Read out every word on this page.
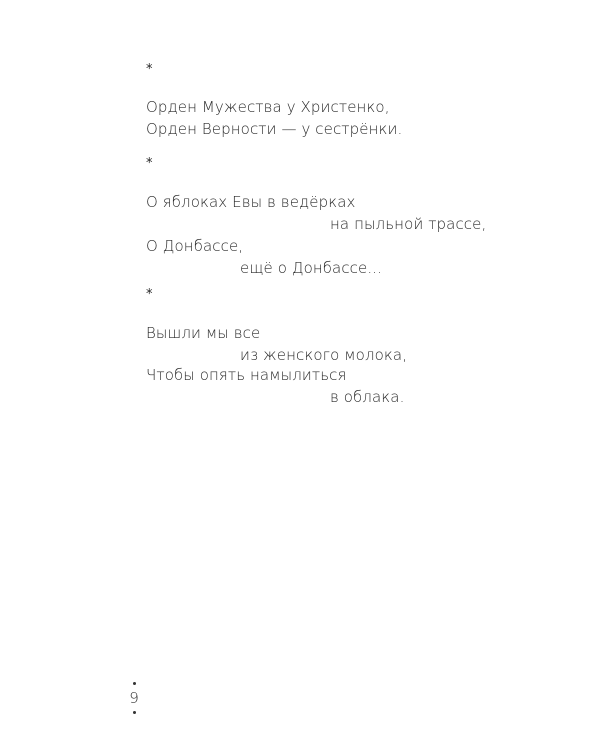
*
Орден Мужества у Христенко,
Орден Верности — у сестрёнки.
*
О яблоках Евы в ведёрках
на пыльной трассе,
О Донбассе,
ещё о Донбассе...
*
Вышли мы все
из женского молока,
Чтобы опять намылиться
в облака.
9
